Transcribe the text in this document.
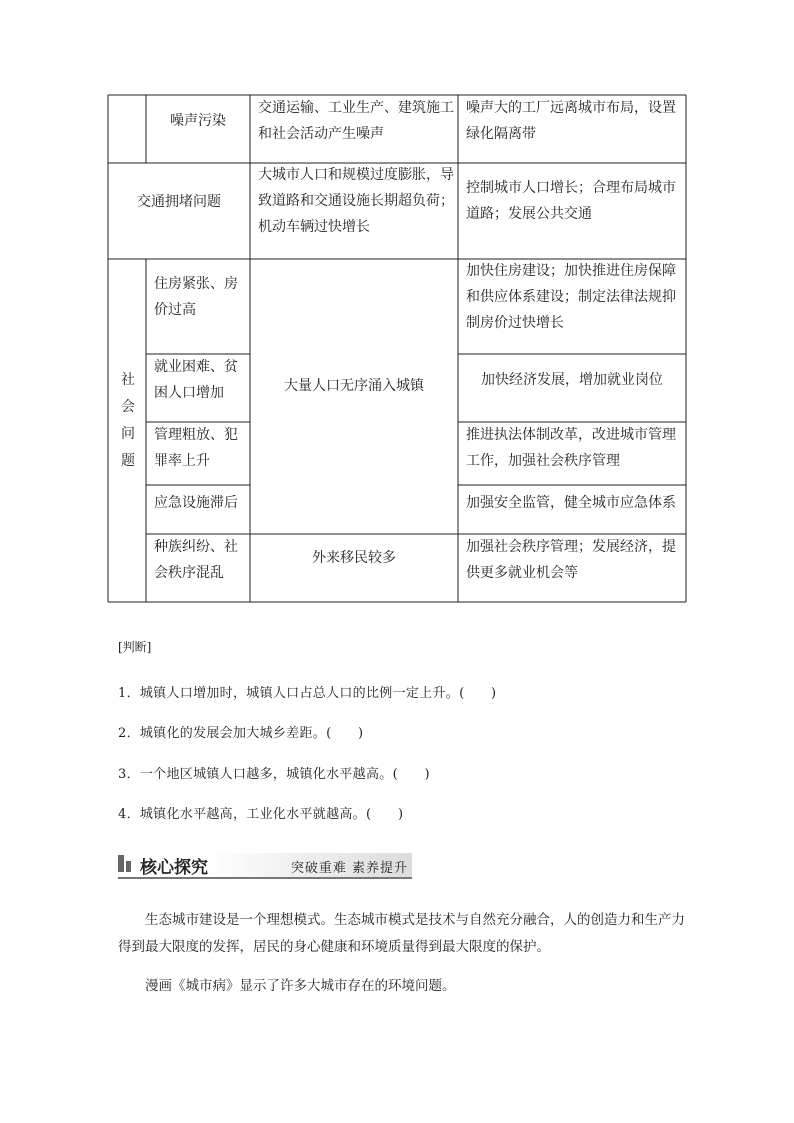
噪声污染
交通运输、工业生产、建筑施工
和社会活动产生噪声
噪声大的工厂远离城市布局，设置
绿化隔离带
交通拥堵问题
大城市人口和规模过度膨胀，导
致道路和交通设施长期超负荷；
机动车辆过快增长
控制城市人口增长；合理布局城市
道路；发展公共交通
社
会
问
题
住房紧张、房
价过高
加快住房建设；加快推进住房保障
和供应体系建设；制定法律法规抑
制房价过快增长
大量人口无序涌入城镇
就业困难、贫
困人口增加
加快经济发展，增加就业岗位
管理粗放、犯
罪率上升
推进执法体制改革，改进城市管理
工作，加强社会秩序管理
应急设施滞后	加强安全监管，健全城市应急体系
种族纠纷、社
会秩序混乱
外来移民较多
加强社会秩序管理；发展经济，提
供更多就业机会等
[判断]
1．城镇人口增加时，城镇人口占总人口的比例一定上升。(　　)
2．城镇化的发展会加大城乡差距。(　　)
3．一个地区城镇人口越多，城镇化水平越高。(　　)
4．城镇化水平越高，工业化水平就越高。(　　)
核心探究	突破重难 素养提升
　　生态城市建设是一个理想模式。生态城市模式是技术与自然充分融合，人的创造力和生产力得到最大限度的发挥，居民的身心健康和环境质量得到最大限度的保护。
　　漫画《城市病》显示了许多大城市存在的环境问题。
